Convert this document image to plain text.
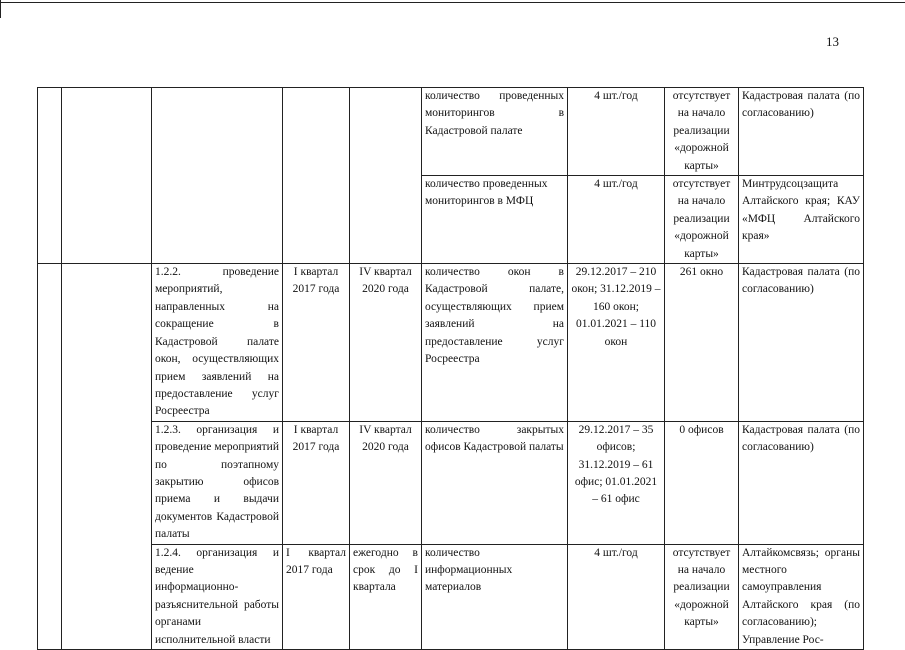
13
					количество проведенных мониторингов в Кадастровой палате	4 шт./год	отсутствует на начало реализации «дорожной карты»	Кадастровая палата (по согласованию)
					количество проведенных мониторингов в МФЦ	4 шт./год	отсутствует на начало реализации «дорожной карты»	Минтрудсоцзащита Алтайского края; КАУ «МФЦ Алтайского края»
		1.2.2. проведение мероприятий, направленных на сокращение в Кадастровой палате окон, осуществляющих прием заявлений на предоставление услуг Росреестра	I квартал 2017 года	IV квартал 2020 года	количество окон в Кадастровой палате, осуществляющих прием заявлений на предоставление услуг Росреестра	29.12.2017 – 210 окон; 31.12.2019 – 160 окон; 01.01.2021 – 110 окон	261 окно	Кадастровая палата (по согласованию)
		1.2.3. организация и проведение мероприятий по поэтапному закрытию офисов приема и выдачи документов Кадастровой палаты	I квартал 2017 года	IV квартал 2020 года	количество закрытых офисов Кадастровой палаты	29.12.2017 – 35 офисов; 31.12.2019 – 61 офис; 01.01.2021 – 61 офис	0 офисов	Кадастровая палата (по согласованию)
		1.2.4. организация и ведение информационно-разъяснительной работы органами исполнительной власти	I квартал 2017 года	ежегодно в срок до I квартала	количество информационных материалов	4 шт./год	отсутствует на начало реализации «дорожной карты»	Алтайкомсвязь; органы местного самоуправления Алтайского края (по согласованию); Управление Рос-
